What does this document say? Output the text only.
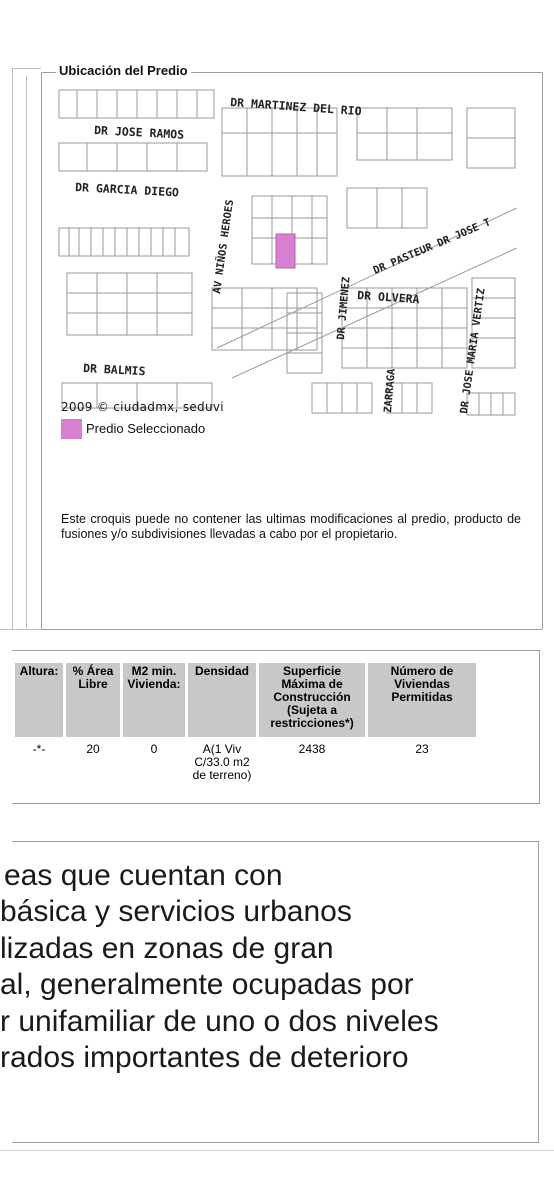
Ubicación del Predio
DR MARTINEZ DEL RIO
DR JOSE RAMOS
DR GARCIA DIEGO
AV NIÑOS HEROES	DR PASTEUR DR JOSE T
DR OLVERA
DR BALMIS
DR JIMENEZ
ZARRAGA	DR JOSE MARIA VERTIZ
2009 © ciudadmx, seduvi
Predio Seleccionado
Este croquis puede no contener las ultimas modificaciones al predio, producto de fusiones y/o subdivisiones llevadas a cabo por el propietario.
Altura:	% Área Libre	M2 min. Vivienda:	Densidad	Superficie Máxima de Construcción (Sujeta a restricciones*)	Número de Viviendas Permitidas
-*-	20	0	A(1 Viv C/33.0 m2 de terreno)	2438	23
eas que cuentan con
básica y servicios urbanos
lizadas en zonas de gran
al, generalmente ocupadas por
r unifamiliar de uno o dos niveles
rados importantes de deterioro
